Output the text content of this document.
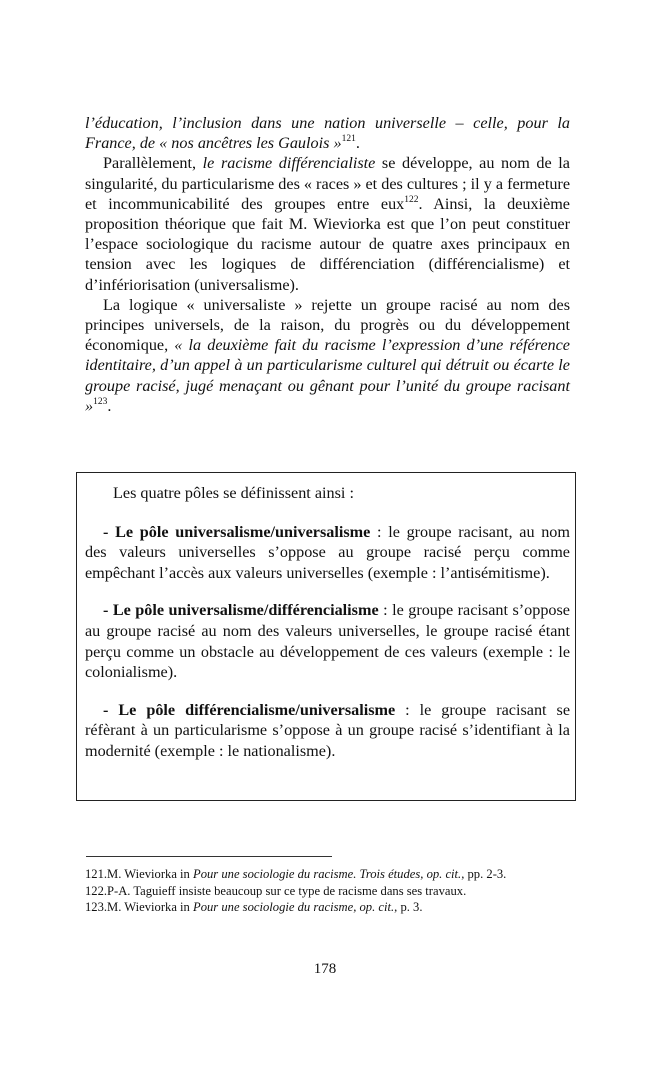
l’éducation, l’inclusion dans une nation universelle – celle, pour la France, de « nos ancêtres les Gaulois »$^{121}$.

Parallèlement, le racisme différencialiste se développe, au nom de la singularité, du particularisme des « races » et des cultures ; il y a fermeture et incommunicabilité des groupes entre eux$^{122}$. Ainsi, la deuxième proposition théorique que fait M. Wieviorka est que l’on peut constituer l’espace sociologique du racisme autour de quatre axes principaux en tension avec les logiques de différenciation (différencialisme) et d’infériorisation (universalisme).

La logique « universaliste » rejette un groupe racisé au nom des principes universels, de la raison, du progrès ou du développement économique, « la deuxième fait du racisme l’expression d’une référence identitaire, d’un appel à un particularisme culturel qui détruit ou écarte le groupe racisé, jugé menaçant ou gênant pour l’unité du groupe racisant »$^{123}$.

Les quatre pôles se définissent ainsi :

- Le pôle universalisme/universalisme : le groupe racisant, au nom des valeurs universelles s’oppose au groupe racisé perçu comme empêchant l’accès aux valeurs universelles (exemple : l’antisémitisme).

- Le pôle universalisme/différencialisme : le groupe racisant s’oppose au groupe racisé au nom des valeurs universelles, le groupe racisé étant perçu comme un obstacle au développement de ces valeurs (exemple : le colonialisme).

- Le pôle différencialisme/universalisme : le groupe racisant se réfèrant à un particularisme s’oppose à un groupe racisé s’identifiant à la modernité (exemple : le nationalisme).

121.M. Wieviorka in Pour une sociologie du racisme. Trois études, op. cit., pp. 2-3.

122.P-A. Taguieff insiste beaucoup sur ce type de racisme dans ses travaux.

123.M. Wieviorka in Pour une sociologie du racisme, op. cit., p. 3.

178
